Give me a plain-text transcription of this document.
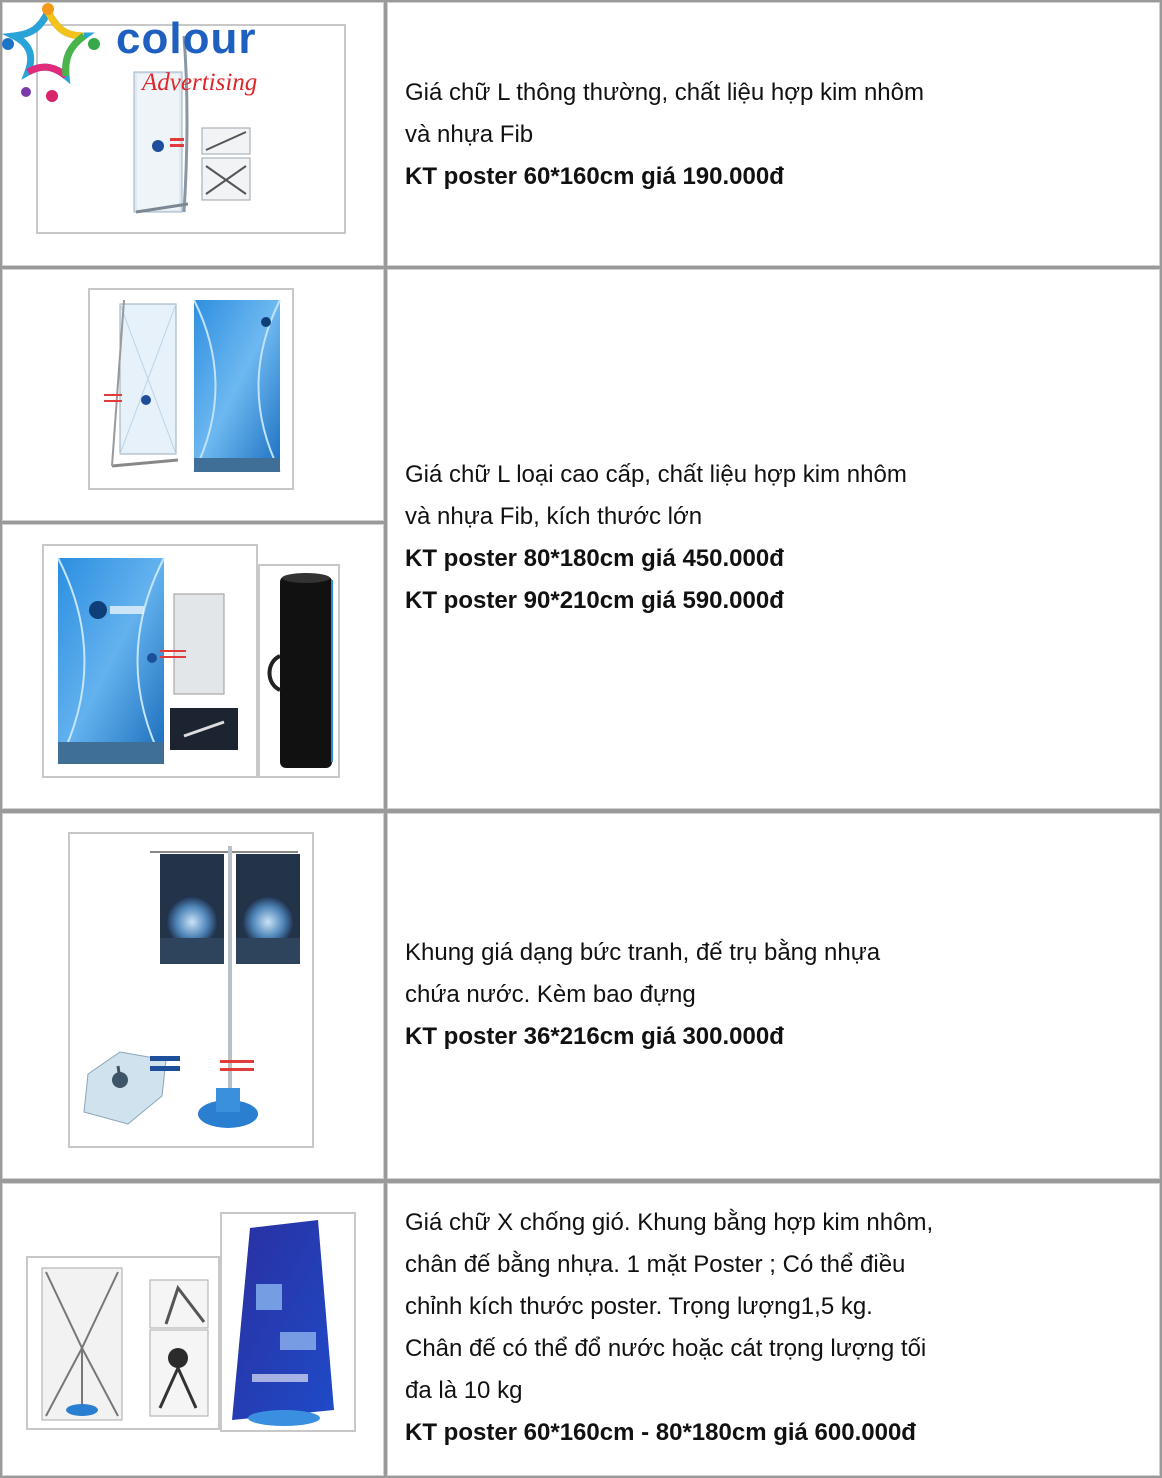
colour
Advertising	Giá chữ L thông thường, chất liệu hợp kim nhôm
và nhựa Fib
KT poster 60*160cm giá 190.000đ
Giá chữ L loại cao cấp, chất liệu hợp kim nhôm
và nhựa Fib, kích thước lớn
KT poster 80*180cm giá 450.000đ
KT poster 90*210cm giá 590.000đ
Khung giá dạng bức tranh, đế trụ bằng nhựa
chứa nước. Kèm bao đựng
KT poster 36*216cm giá 300.000đ
Giá chữ X chống gió. Khung bằng hợp kim nhôm,
chân đế bằng nhựa. 1 mặt Poster ; Có thể điều
chỉnh kích thước poster. Trọng lượng1,5 kg.
Chân đế có thể đổ nước hoặc cát trọng lượng tối
đa là 10 kg
KT poster 60*160cm - 80*180cm giá 600.000đ
